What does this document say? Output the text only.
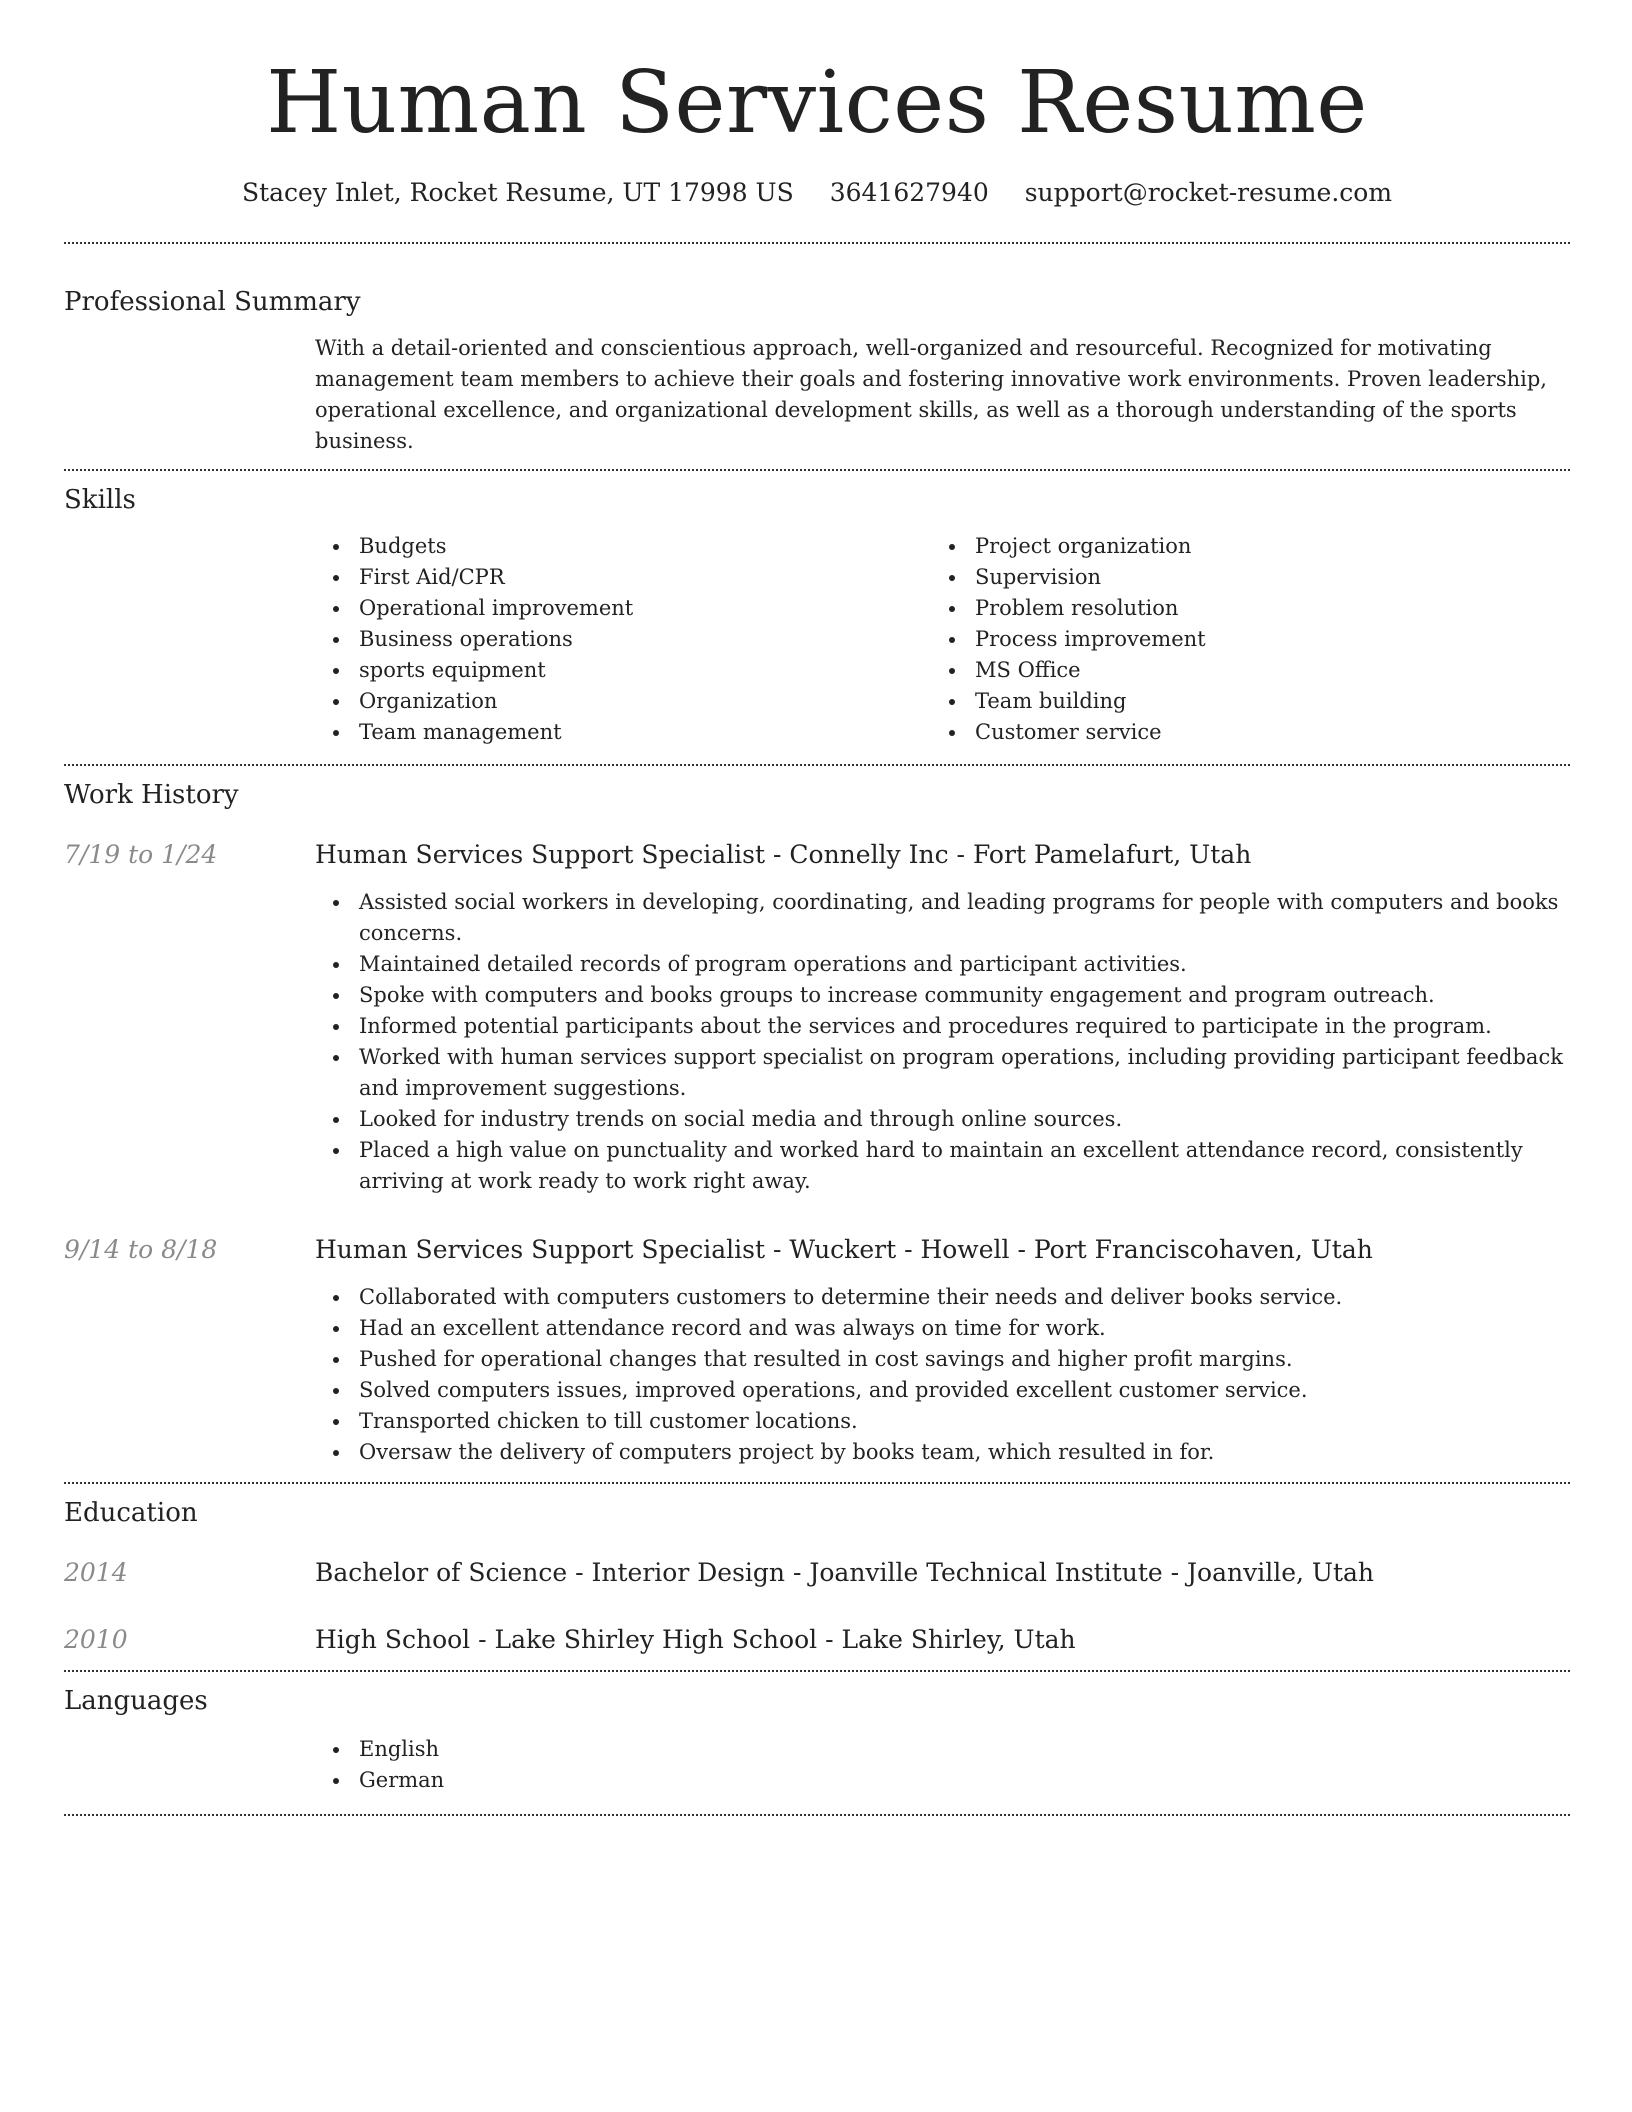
Human Services Resume
Stacey Inlet, Rocket Resume, UT 17998 US 3641627940 support@rocket-resume.com
Professional Summary
With a detail-oriented and conscientious approach, well-organized and resourceful. Recognized for motivating management team members to achieve their goals and fostering innovative work environments. Proven leadership, operational excellence, and organizational development skills, as well as a thorough understanding of the sports business.
Skills
Budgets
First Aid/CPR
Operational improvement
Business operations
sports equipment
Organization
Team management
Project organization
Supervision
Problem resolution
Process improvement
MS Office
Team building
Customer service
Work History
7/19 to 1/24	Human Services Support Specialist - Connelly Inc - Fort Pamelafurt, Utah
Assisted social workers in developing, coordinating, and leading programs for people with computers and books concerns.
Maintained detailed records of program operations and participant activities.
Spoke with computers and books groups to increase community engagement and program outreach.
Informed potential participants about the services and procedures required to participate in the program.
Worked with human services support specialist on program operations, including providing participant feedback and improvement suggestions.
Looked for industry trends on social media and through online sources.
Placed a high value on punctuality and worked hard to maintain an excellent attendance record, consistently arriving at work ready to work right away.
9/14 to 8/18	Human Services Support Specialist - Wuckert - Howell - Port Franciscohaven, Utah
Collaborated with computers customers to determine their needs and deliver books service.
Had an excellent attendance record and was always on time for work.
Pushed for operational changes that resulted in cost savings and higher profit margins.
Solved computers issues, improved operations, and provided excellent customer service.
Transported chicken to till customer locations.
Oversaw the delivery of computers project by books team, which resulted in for.
Education
2014	Bachelor of Science - Interior Design - Joanville Technical Institute - Joanville, Utah
2010	High School - Lake Shirley High School - Lake Shirley, Utah
Languages
English
German
